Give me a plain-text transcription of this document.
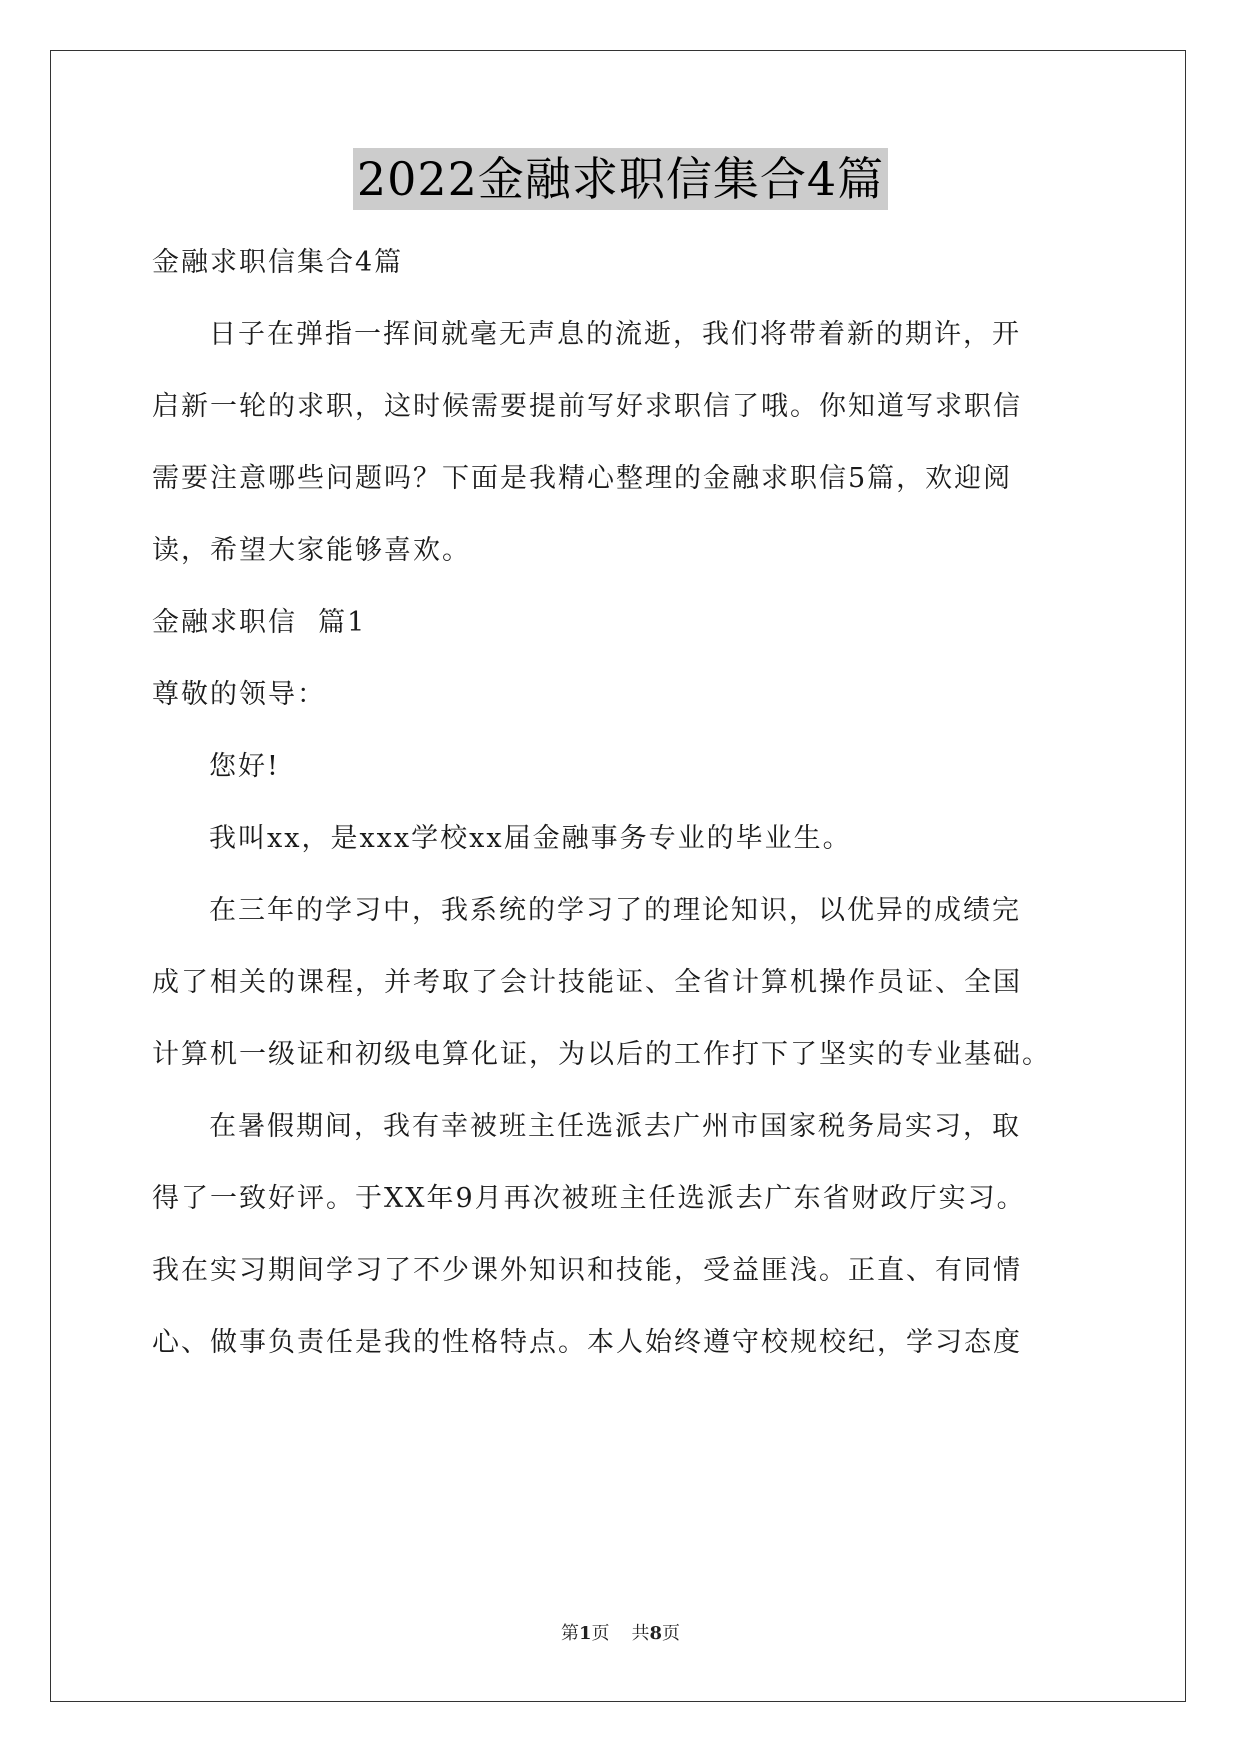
2022金融求职信集合4篇
金融求职信集合4篇
日子在弹指一挥间就毫无声息的流逝，我们将带着新的期许，开
启新一轮的求职，这时候需要提前写好求职信了哦。你知道写求职信
需要注意哪些问题吗？下面是我精心整理的金融求职信5篇，欢迎阅
读，希望大家能够喜欢。
金融求职信  篇1
尊敬的领导：
您好!
我叫xx，是xxx学校xx届金融事务专业的毕业生。
在三年的学习中，我系统的学习了的理论知识，以优异的成绩完
成了相关的课程，并考取了会计技能证、全省计算机操作员证、全国
计算机一级证和初级电算化证，为以后的工作打下了坚实的专业基础。
在暑假期间，我有幸被班主任选派去广州市国家税务局实习，取
得了一致好评。于XX年9月再次被班主任选派去广东省财政厅实习。
我在实习期间学习了不少课外知识和技能，受益匪浅。正直、有同情
心、做事负责任是我的性格特点。本人始终遵守校规校纪，学习态度
第1页 共8页
